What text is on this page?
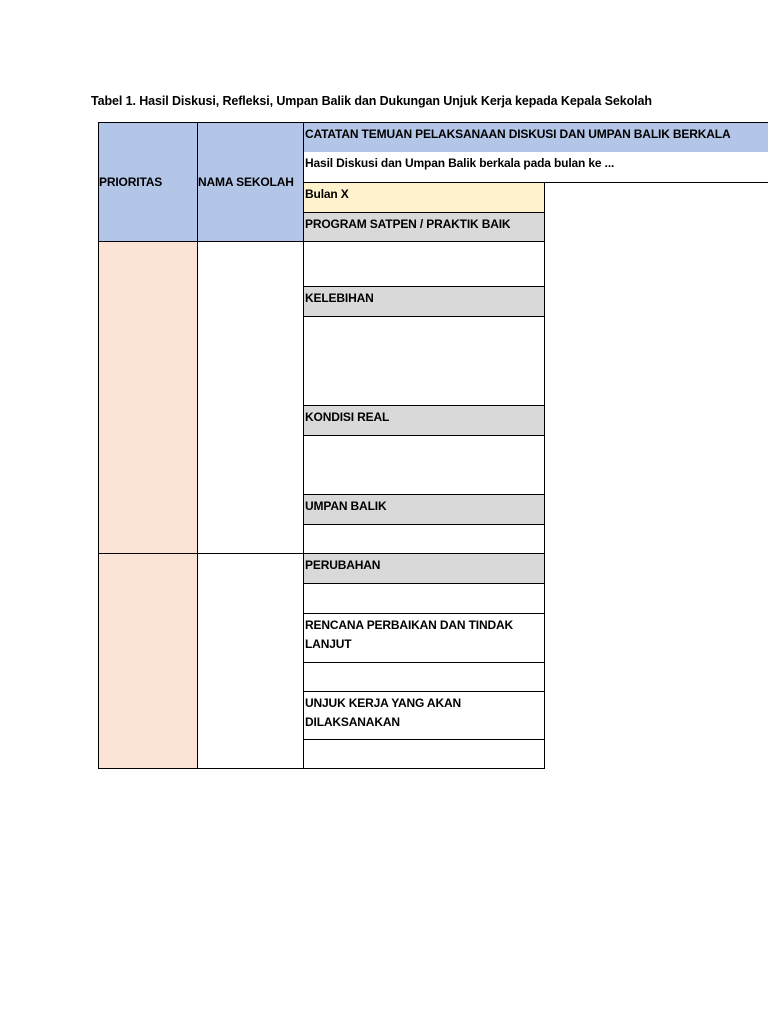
Tabel 1. Hasil Diskusi, Refleksi, Umpan Balik dan Dukungan Unjuk Kerja kepada Kepala Sekolah
PRIORITAS	NAMA SEKOLAH
CATATAN TEMUAN PELAKSANAAN DISKUSI DAN UMPAN BALIK BERKALA
Hasil Diskusi dan Umpan Balik berkala pada bulan ke ...
Bulan X
PROGRAM SATPEN / PRAKTIK BAIK
KELEBIHAN
KONDISI REAL
UMPAN BALIK
PERUBAHAN
RENCANA PERBAIKAN DAN TINDAK LANJUT
UNJUK KERJA YANG AKAN DILAKSANAKAN
